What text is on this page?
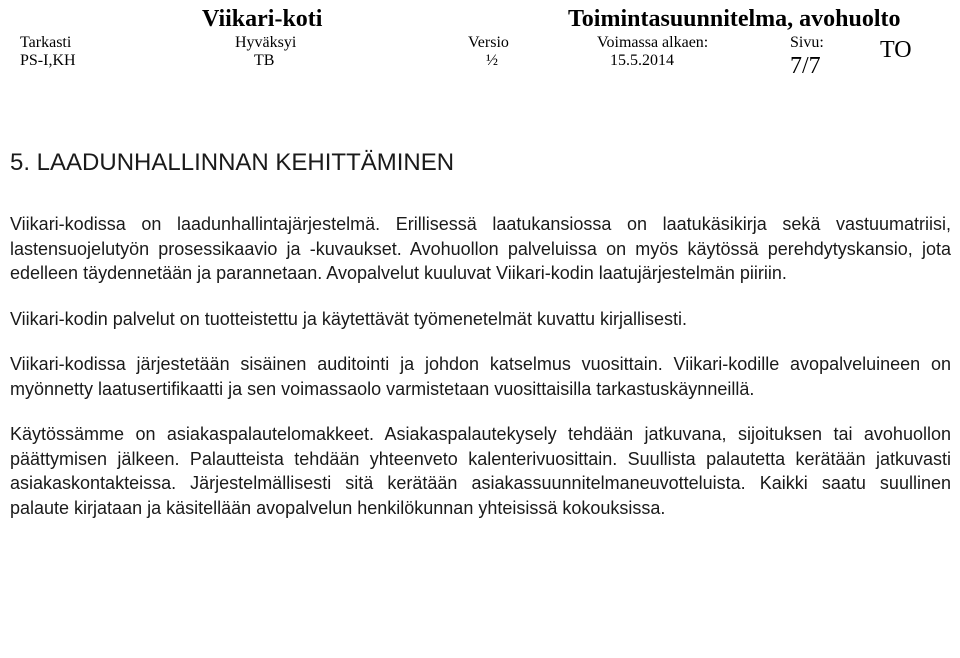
Viikari-koti	Toimintasuunnitelma, avohuolto
Tarkasti
PS-I,KH
Hyväksyi
TB
Versio
½
Voimassa alkaen:
15.5.2014
Sivu:
7/7
TO
5. LAADUNHALLINNAN KEHITTÄMINEN

Viikari-kodissa on laadunhallintajärjestelmä. Erillisessä laatukansiossa on laatukäsikirja sekä vastuumatriisi, lastensuojelutyön prosessikaavio ja -kuvaukset. Avohuollon palveluissa on myös käytössä perehdytyskansio, jota edelleen täydennetään ja parannetaan. Avopalvelut kuuluvat Viikari-kodin laatujärjestelmän piiriin.

Viikari-kodin palvelut on tuotteistettu ja käytettävät työmenetelmät kuvattu kirjallisesti.

Viikari-kodissa järjestetään sisäinen auditointi ja johdon katselmus vuosittain. Viikari-kodille avopalveluineen on myönnetty laatusertifikaatti ja sen voimassaolo varmistetaan vuosittaisilla tarkastuskäynneillä.

Käytössämme on asiakaspalautelomakkeet. Asiakaspalautekysely tehdään jatkuvana, sijoituksen tai avohuollon päättymisen jälkeen. Palautteista tehdään yhteenveto kalenterivuosittain. Suullista palautetta kerätään jatkuvasti asiakaskontakteissa. Järjestelmällisesti sitä kerätään asiakassuunnitelmaneuvotteluista. Kaikki saatu suullinen palaute kirjataan ja käsitellään avopalvelun henkilökunnan yhteisissä kokouksissa.
